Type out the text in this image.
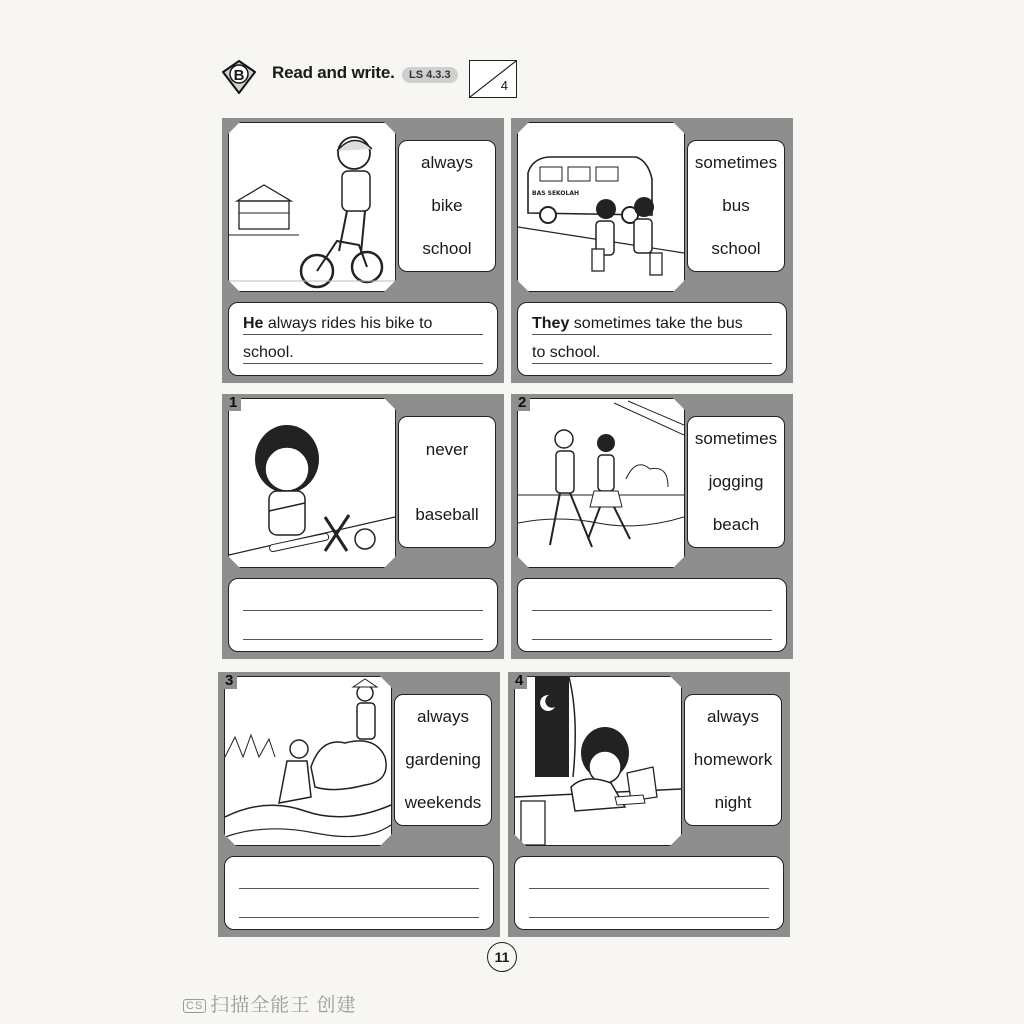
B	Read and write.	LS 4.3.3
4
always
bike
school
He always rides his bike to
school.
BAS SEKOLAH
sometimes
bus
school
They sometimes take the bus
to school.
1
never
baseball
2
sometimes
jogging
beach
3
always
gardening
weekends
4
always
homework
night
11
CS 扫描全能王 创建
